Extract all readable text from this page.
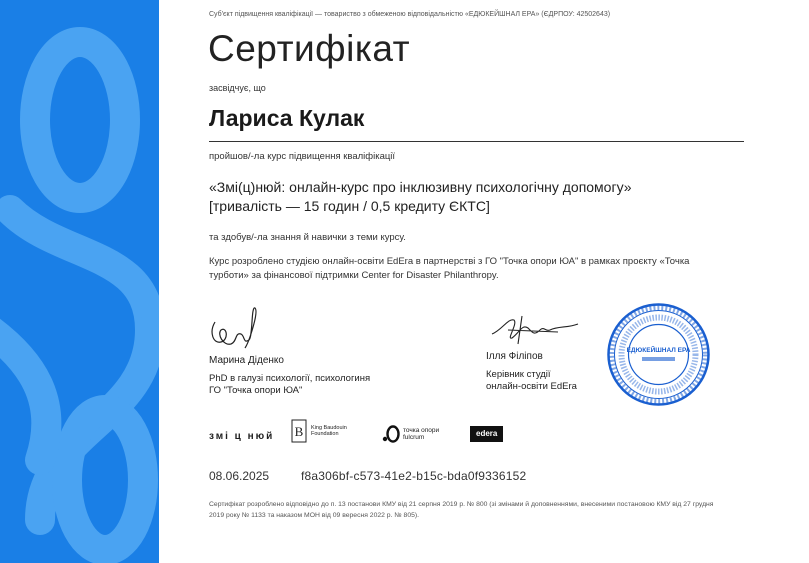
Суб'єкт підвищення кваліфікації — товариство з обмеженою відповідальністю «ЕДЮКЕЙШНАЛ ЕРА» (ЄДРПОУ: 42502643)
Сертифікат
засвідчує, що
Лариса Кулак
пройшов/-ла курс підвищення кваліфікації
«Змі(ц)нюй: онлайн-курс про інклюзивну психологічну допомогу»
[тривалість — 15 годин / 0,5 кредиту ЄКТС]
та здобув/-ла знання й навички з теми курсу.
Курс розроблено студією онлайн-освіти EdEra в партнерстві з ГО "Точка опори ЮА" в рамках проєкту «Точка турботи» за фінансової підтримки Center for Disaster Philanthropy.
Марина Діденко
PhD в галузі психології, психологиня
ГО "Точка опори ЮА"
Ілля Філіпов
Керівник студії
онлайн-освіти EdEra
ЕДЮКЕЙШНАЛ ЕРА
змі ц нюй B King Baudouin
Foundation	точка опори
fulcrum	edera
08.06.2025	f8a306bf-c573-41e2-b15c-bda0f9336152
Сертифікат розроблено відповідно до п. 13 постанови КМУ від 21 серпня 2019 р. № 800 (зі змінами й доповненнями, внесеними постановою КМУ від 27 грудня 2019 року № 1133 та наказом МОН від 09 вересня 2022 р. № 805).
